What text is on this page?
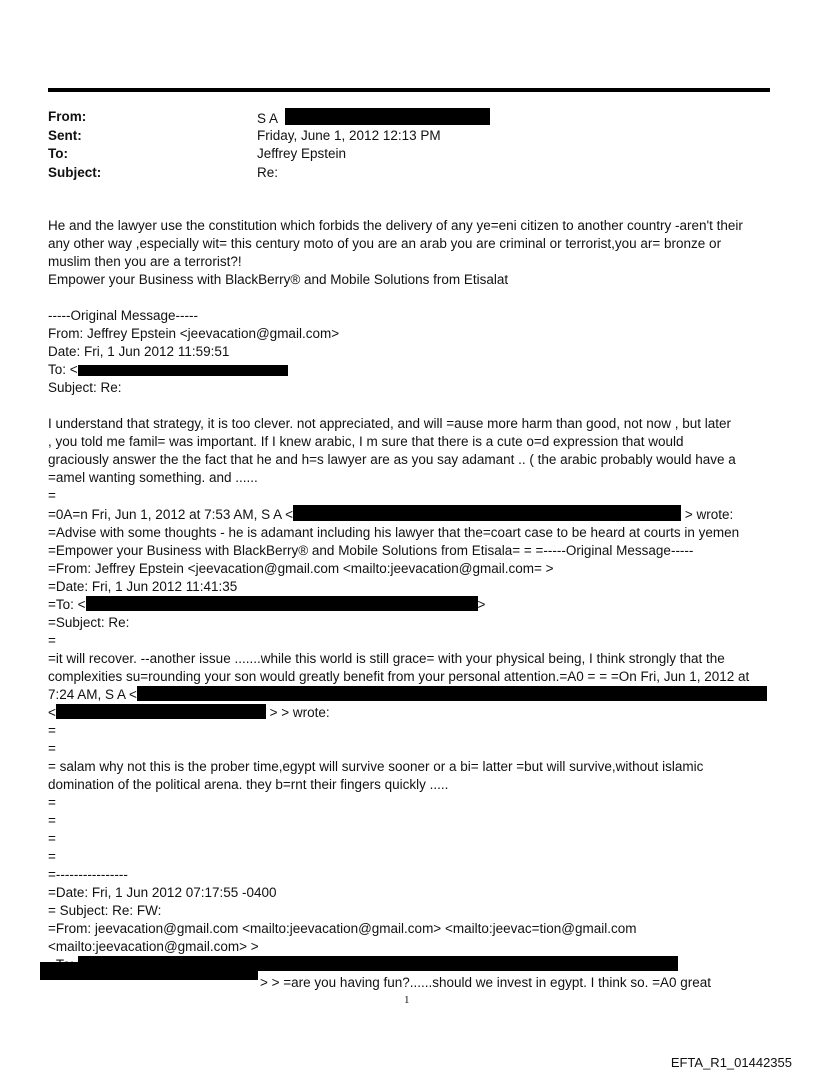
From:	S A
Sent:	Friday, June 1, 2012 12:13 PM
To:	Jeffrey Epstein
Subject:	Re:

He and the lawyer use the constitution which forbids the delivery of any ye=eni citizen to another country -aren't their

any other way ,especially wit= this century moto of you are an arab you are criminal or terrorist,you ar= bronze or

muslim then you are a terrorist?!

Empower your Business with BlackBerry® and Mobile Solutions from Etisalat

-----Original Message-----

From: Jeffrey Epstein <jeevacation@gmail.com>

Date: Fri, 1 Jun 2012 11:59:51

To: <

Subject: Re:

I understand that strategy, it is too clever. not appreciated, and will =ause more harm than good, not now , but later

, you told me famil= was important. If I knew arabic, I m sure that there is a cute o=d expression that would

graciously answer the the fact that he and h=s lawyer are as you say adamant .. ( the arabic probably would have a

=amel wanting something. and ......

=

=0A=n Fri, Jun 1, 2012 at 7:53 AM, S A <	> wrote:

=Advise with some thoughts - he is adamant including his lawyer that the=coart case to be heard at courts in yemen

=Empower your Business with BlackBerry® and Mobile Solutions from Etisala= = =-----Original Message-----

=From: Jeffrey Epstein <jeevacation@gmail.com <mailto:jeevacation@gmail.com= >

=Date: Fri, 1 Jun 2012 11:41:35

=To: <	>

=Subject: Re:

=

=it will recover. --another issue .......while this world is still grace= with your physical being, I think strongly that the

complexities su=rounding your son would greatly benefit from your personal attention.=A0 = = =On Fri, Jun 1, 2012 at

7:24 AM, S A <

<	> > wrote:

=

=

= salam why not this is the prober time,egypt will survive sooner or a bi= latter =but will survive,without islamic

domination of the political arena. they b=rnt their fingers quickly .....

=

=

=

=

=----------------

=Date: Fri, 1 Jun 2012 07:17:55 -0400

= Subject: Re: FW:

=From: jeevacation@gmail.com <mailto:jeevacation@gmail.com> <mailto:jeevac=tion@gmail.com

<mailto:jeevacation@gmail.com> >

> > =are you having fun?......should we invest in egypt. I think so. =A0 great

1
EFTA_R1_01442355
